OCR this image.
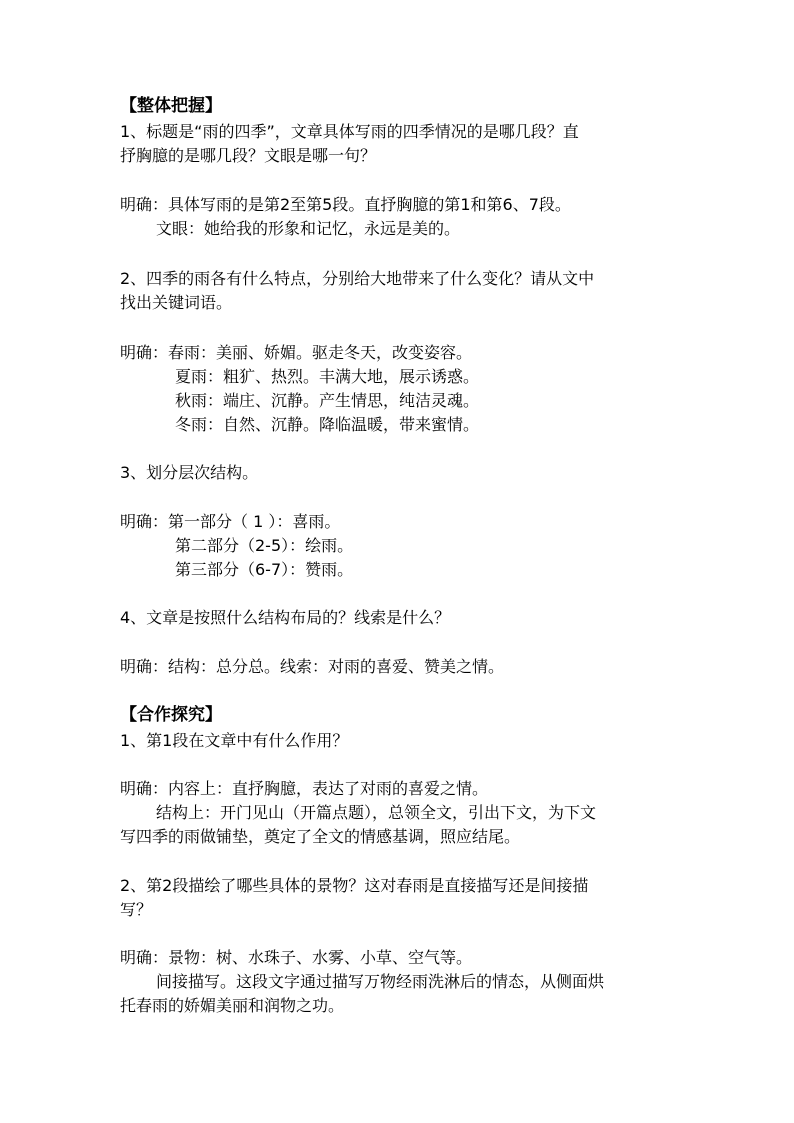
【整体把握】
1、标题是“雨的四季”，文章具体写雨的四季情况的是哪几段？直
抒胸臆的是哪几段？文眼是哪一句？
明确：具体写雨的是第2至第5段。直抒胸臆的第1和第6、7段。
文眼：她给我的形象和记忆，永远是美的。
2、四季的雨各有什么特点，分别给大地带来了什么变化？请从文中
找出关键词语。
明确：春雨：美丽、娇媚。驱走冬天，改变姿容。
夏雨：粗犷、热烈。丰满大地，展示诱惑。
秋雨：端庄、沉静。产生情思，纯洁灵魂。
冬雨：自然、沉静。降临温暖，带来蜜情。
3、划分层次结构。
明确：第一部分（ 1 ）：喜雨。
第二部分（2-5）：绘雨。
第三部分（6-7）：赞雨。
4、文章是按照什么结构布局的？线索是什么？
明确：结构：总分总。线索：对雨的喜爱、赞美之情。
【合作探究】
1、第1段在文章中有什么作用？
明确：内容上：直抒胸臆，表达了对雨的喜爱之情。
结构上：开门见山（开篇点题），总领全文，引出下文，为下文
写四季的雨做铺垫，奠定了全文的情感基调，照应结尾。
2、第2段描绘了哪些具体的景物？这对春雨是直接描写还是间接描
写？
明确：景物：树、水珠子、水雾、小草、空气等。
间接描写。这段文字通过描写万物经雨洗淋后的情态，从侧面烘
托春雨的娇媚美丽和润物之功。
